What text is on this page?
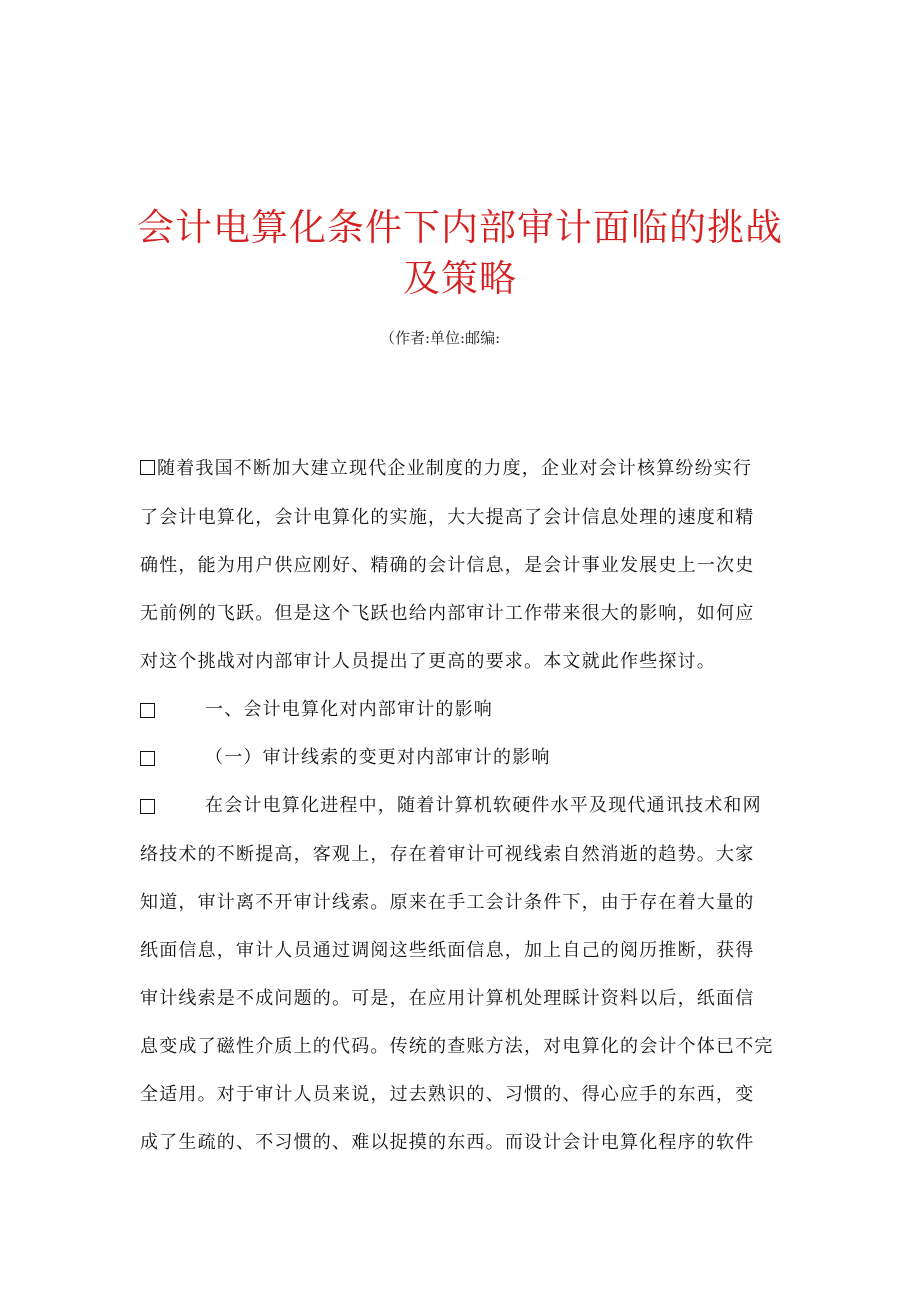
会计电算化条件下内部审计面临的挑战
及策略
（作者:单位:邮编:
随着我国不断加大建立现代企业制度的力度，企业对会计核算纷纷实行
了会计电算化，会计电算化的实施，大大提高了会计信息处理的速度和精
确性，能为用户供应刚好、精确的会计信息，是会计事业发展史上一次史
无前例的飞跃。但是这个飞跃也给内部审计工作带来很大的影响，如何应
对这个挑战对内部审计人员提出了更高的要求。本文就此作些探讨。
一、会计电算化对内部审计的影响
（一）审计线索的变更对内部审计的影响
在会计电算化进程中，随着计算机软硬件水平及现代通讯技术和网
络技术的不断提高，客观上，存在着审计可视线索自然消逝的趋势。大家
知道，审计离不开审计线索。原来在手工会计条件下，由于存在着大量的
纸面信息，审计人员通过调阅这些纸面信息，加上自己的阅历推断，获得
审计线索是不成问题的。可是，在应用计算机处理睬计资料以后，纸面信
息变成了磁性介质上的代码。传统的查账方法，对电算化的会计个体已不完
全适用。对于审计人员来说，过去熟识的、习惯的、得心应手的东西，变
成了生疏的、不习惯的、难以捉摸的东西。而设计会计电算化程序的软件
